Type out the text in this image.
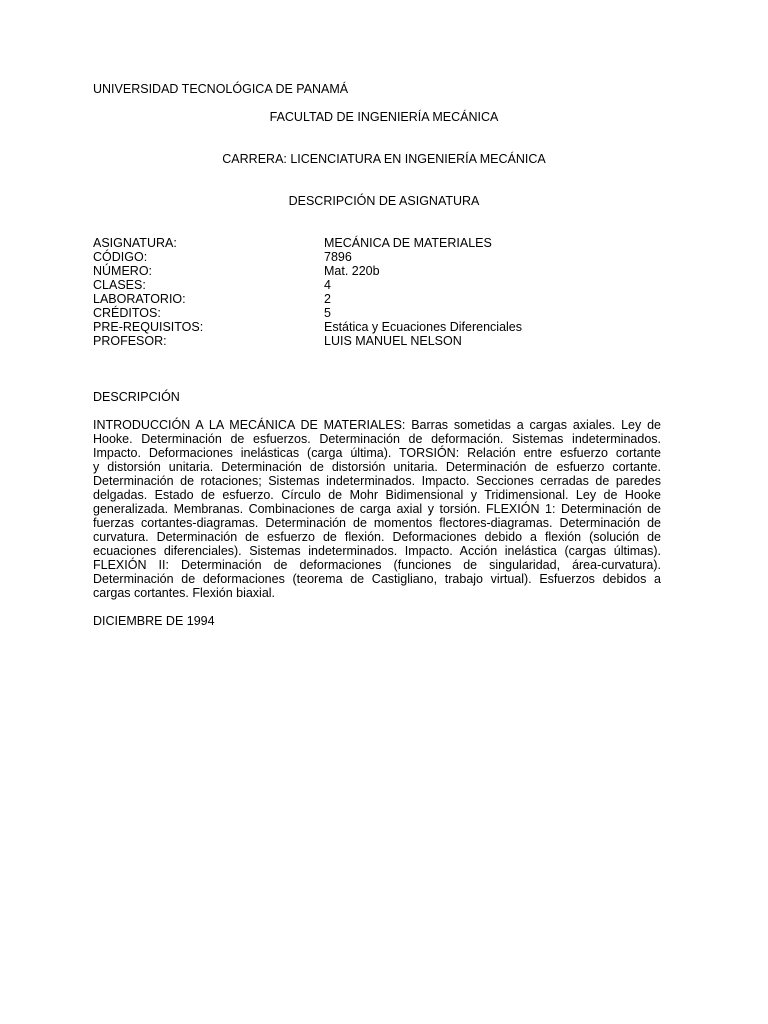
UNIVERSIDAD TECNOLÓGICA DE PANAMÁ
FACULTAD DE INGENIERÍA MECÁNICA
CARRERA: LICENCIATURA EN INGENIERÍA MECÁNICA
DESCRIPCIÓN DE ASIGNATURA
ASIGNATURA:	MECÁNICA DE MATERIALES
CÓDIGO:	7896
NÚMERO:	Mat. 220b
CLASES:	4
LABORATORIO:	2
CRÉDITOS:	5
PRE-REQUISITOS:	Estática y Ecuaciones Diferenciales
PROFESOR:	LUIS MANUEL NELSON
DESCRIPCIÓN
INTRODUCCIÓN A LA MECÁNICA DE MATERIALES: Barras sometidas a cargas axiales. Ley de
Hooke. Determinación de esfuerzos. Determinación de deformación. Sistemas indeterminados.
Impacto. Deformaciones inelásticas (carga última). TORSIÓN: Relación entre esfuerzo cortante
y distorsión unitaria. Determinación de distorsión unitaria. Determinación de esfuerzo cortante.
Determinación de rotaciones; Sistemas indeterminados. Impacto. Secciones cerradas de paredes
delgadas. Estado de esfuerzo. Círculo de Mohr Bidimensional y Tridimensional. Ley de Hooke
generalizada. Membranas. Combinaciones de carga axial y torsión. FLEXIÓN 1: Determinación de
fuerzas cortantes-diagramas. Determinación de momentos flectores-diagramas. Determinación de
curvatura. Determinación de esfuerzo de flexión. Deformaciones debido a flexión (solución de
ecuaciones diferenciales). Sistemas indeterminados. Impacto. Acción inelástica (cargas últimas).
FLEXIÓN II: Determinación de deformaciones (funciones de singularidad, área-curvatura).
Determinación de deformaciones (teorema de Castigliano, trabajo virtual). Esfuerzos debidos a
cargas cortantes. Flexión biaxial.
DICIEMBRE DE 1994
